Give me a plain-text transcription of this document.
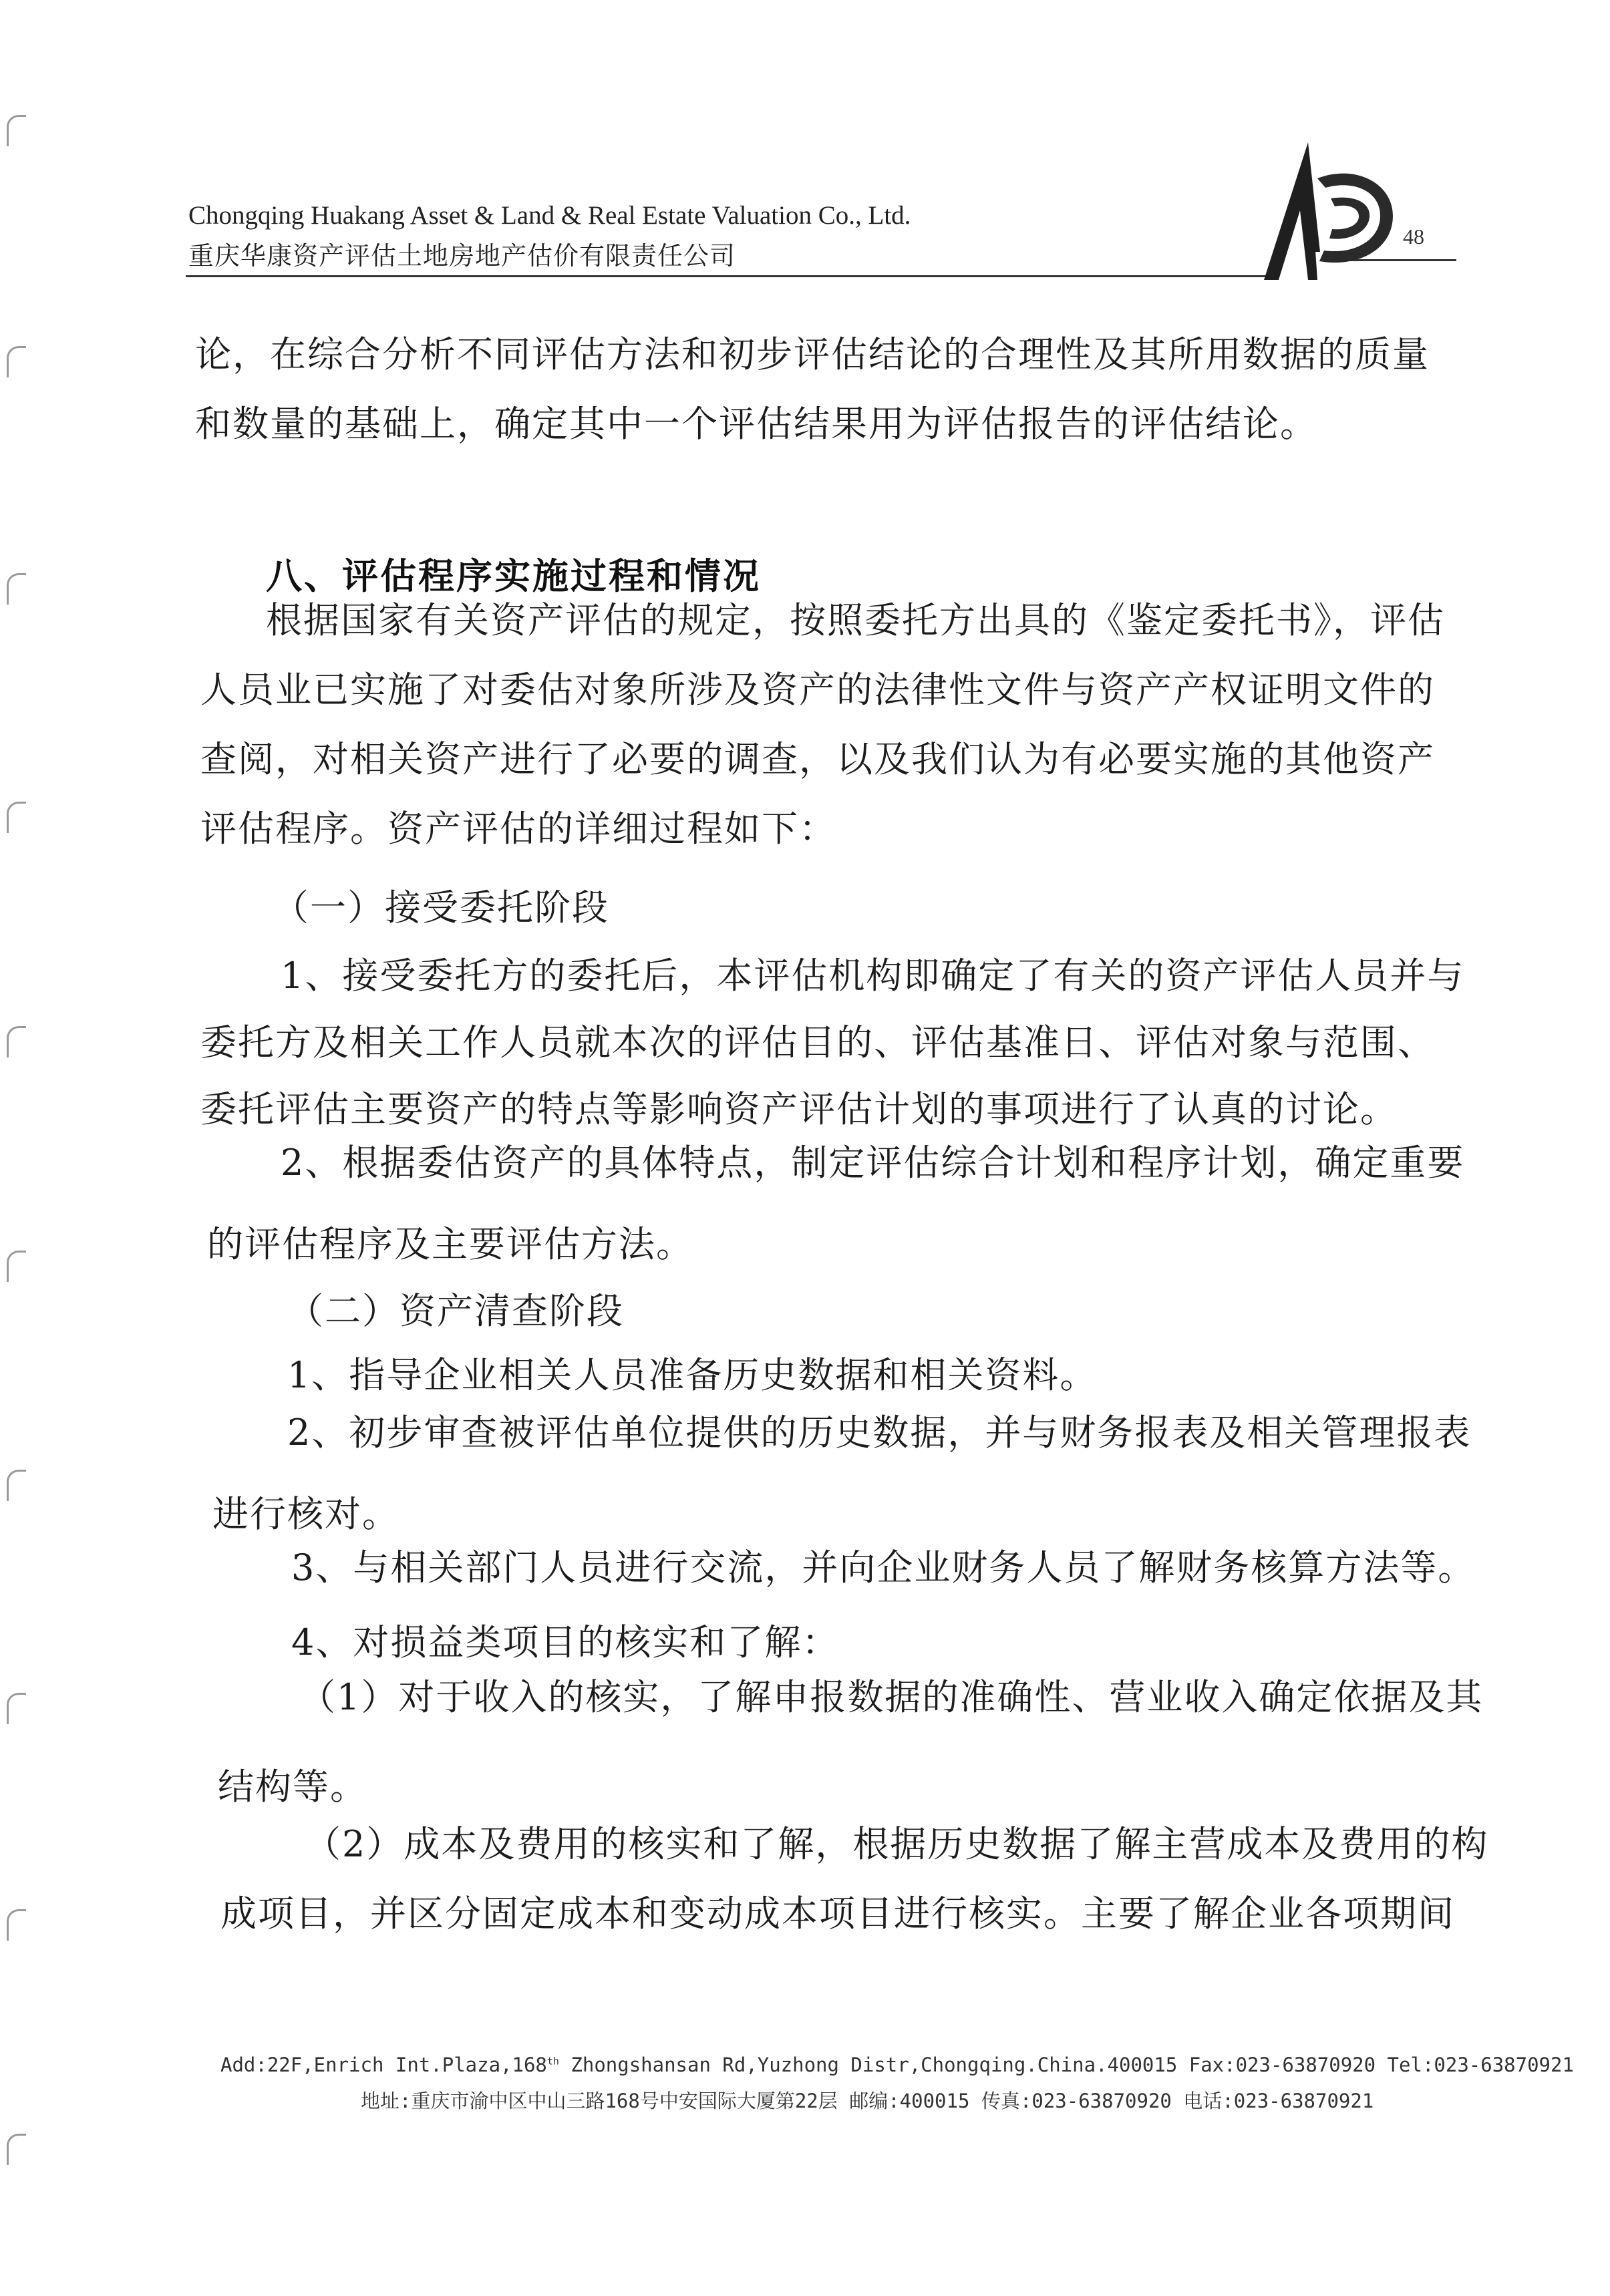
Chongqing Huakang Asset & Land & Real Estate Valuation Co., Ltd.
重庆华康资产评估土地房地产估价有限责任公司
48
论，在综合分析不同评估方法和初步评估结论的合理性及其所用数据的质量
和数量的基础上，确定其中一个评估结果用为评估报告的评估结论。
八、评估程序实施过程和情况
根据国家有关资产评估的规定，按照委托方出具的《鉴定委托书》，评估
人员业已实施了对委估对象所涉及资产的法律性文件与资产产权证明文件的
查阅，对相关资产进行了必要的调查，以及我们认为有必要实施的其他资产
评估程序。资产评估的详细过程如下：
（一）接受委托阶段
1、接受委托方的委托后，本评估机构即确定了有关的资产评估人员并与
委托方及相关工作人员就本次的评估目的、评估基准日、评估对象与范围、
委托评估主要资产的特点等影响资产评估计划的事项进行了认真的讨论。
2、根据委估资产的具体特点，制定评估综合计划和程序计划，确定重要
的评估程序及主要评估方法。
（二）资产清查阶段
1、指导企业相关人员准备历史数据和相关资料。
2、初步审查被评估单位提供的历史数据，并与财务报表及相关管理报表
进行核对。
3、与相关部门人员进行交流，并向企业财务人员了解财务核算方法等。
4、对损益类项目的核实和了解：
（1）对于收入的核实，了解申报数据的准确性、营业收入确定依据及其
结构等。
（2）成本及费用的核实和了解，根据历史数据了解主营成本及费用的构
成项目，并区分固定成本和变动成本项目进行核实。主要了解企业各项期间
Add:22F,Enrich Int.Plaza,168th Zhongshansan Rd,Yuzhong Distr,Chongqing.China.400015 Fax:023-63870920 Tel:023-63870921
地址:重庆市渝中区中山三路168号中安国际大厦第22层 邮编:400015 传真:023-63870920 电话:023-63870921
